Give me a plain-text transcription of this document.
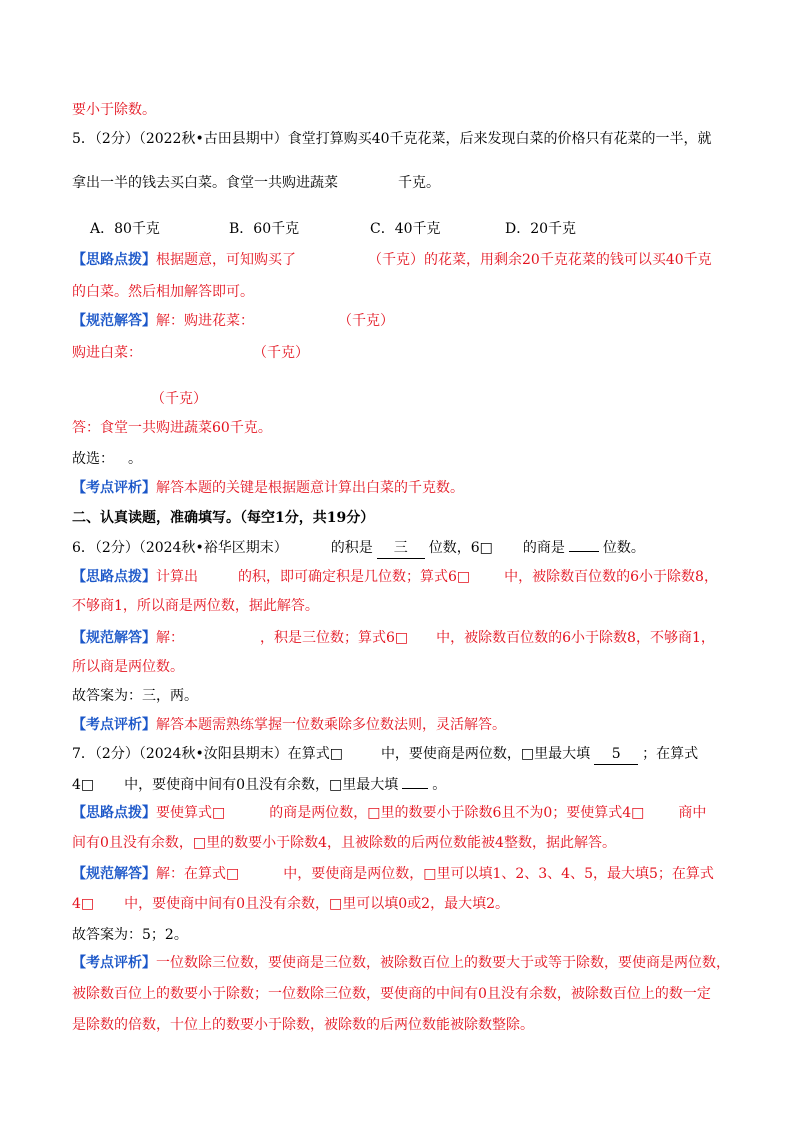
要小于除数。
5．（2分）（2022秋•古田县期中）食堂打算购买40千克花菜，后来发现白菜的价格只有花菜的一半，就
拿出一半的钱去买白菜。食堂一共购进蔬菜	千克。
A．80千克	B．60千克	C．40千克	D．20千克
【思路点拨】根据题意，可知购买了	（千克）的花菜，用剩余20千克花菜的钱可以买40千克
的白菜。然后相加解答即可。
【规范解答】解：购进花菜：	（千克）
购进白菜：	（千克）
（千克）
答：食堂一共购进蔬菜60千克。
故选： 。
【考点评析】解答本题的关键是根据题意计算出白菜的千克数。
二、认真读题，准确填写。（每空1分，共19分）
6．（2分）（2024秋•裕华区期末）	的积是 三 位数，6□ 的商是	位数。
【思路点拨】计算出	的积，即可确定积是几位数；算式6□ 中，被除数百位数的6小于除数8，
不够商1，所以商是两位数，据此解答。
【规范解答】解：	，积是三位数；算式6□ 中，被除数百位数的6小于除数8，不够商1，
所以商是两位数。
故答案为：三，两。
【考点评析】解答本题需熟练掌握一位数乘除多位数法则，灵活解答。
7．（2分）（2024秋•汝阳县期末）在算式□	中，要使商是两位数，□里最大填 5 ；在算式
4□ 中，要使商中间有0且没有余数，□里最大填 。
【思路点拨】要使算式□	的商是两位数，□里的数要小于除数6且不为0；要使算式4□ 商中
间有0且没有余数，□里的数要小于除数4，且被除数的后两位数能被4整数，据此解答。
【规范解答】解：在算式□	中，要使商是两位数，□里可以填1、2、3、4、5，最大填5；在算式
4□ 中，要使商中间有0且没有余数，□里可以填0或2，最大填2。
故答案为：5；2。
【考点评析】一位数除三位数，要使商是三位数，被除数百位上的数要大于或等于除数，要使商是两位数，
被除数百位上的数要小于除数；一位数除三位数，要使商的中间有0且没有余数，被除数百位上的数一定
是除数的倍数，十位上的数要小于除数，被除数的后两位数能被除数整除。
